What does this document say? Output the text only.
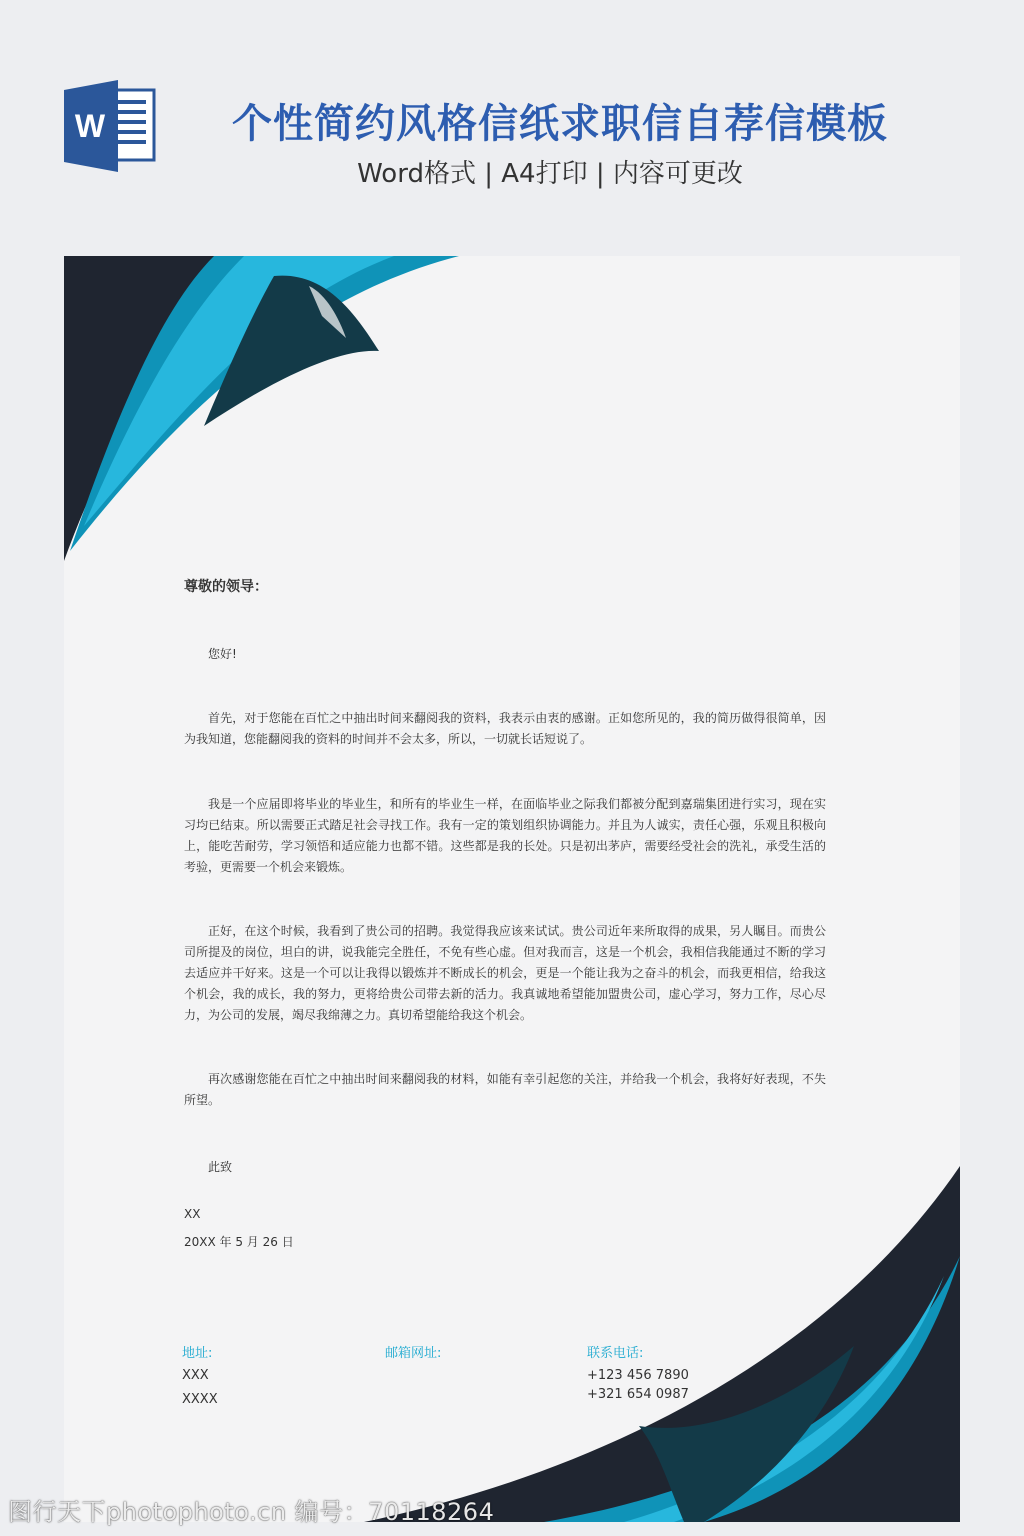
W	个性简约风格信纸求职信自荐信模板
Word格式 | A4打印 | 内容可更改
尊敬的领导：
您好!

首先，对于您能在百忙之中抽出时间来翻阅我的资料，我表示由衷的感谢。正如您所见的，我的简历做得很简单，因为我知道，您能翻阅我的资料的时间并不会太多，所以，一切就长话短说了。

我是一个应届即将毕业的毕业生，和所有的毕业生一样，在面临毕业之际我们都被分配到嘉瑞集团进行实习，现在实习均已结束。所以需要正式踏足社会寻找工作。我有一定的策划组织协调能力。并且为人诚实，责任心强，乐观且积极向上，能吃苦耐劳，学习领悟和适应能力也都不错。这些都是我的长处。只是初出茅庐，需要经受社会的洗礼，承受生活的考验，更需要一个机会来锻炼。

正好，在这个时候，我看到了贵公司的招聘。我觉得我应该来试试。贵公司近年来所取得的成果，另人瞩目。而贵公司所提及的岗位，坦白的讲，说我能完全胜任，不免有些心虚。但对我而言，这是一个机会，我相信我能通过不断的学习去适应并干好来。这是一个可以让我得以锻炼并不断成长的机会，更是一个能让我为之奋斗的机会，而我更相信，给我这个机会，我的成长，我的努力，更将给贵公司带去新的活力。我真诚地希望能加盟贵公司，虚心学习，努力工作，尽心尽力，为公司的发展，竭尽我绵薄之力。真切希望能给我这个机会。

再次感谢您能在百忙之中抽出时间来翻阅我的材料，如能有幸引起您的关注，并给我一个机会，我将好好表现，不失所望。

此致
XX
20XX 年 5 月 26 日
地址:
XXX
XXXX
邮箱网址:	联系电话:
+123 456 7890
+321 654 0987
图行天下photophoto.cn 编号：70118264
